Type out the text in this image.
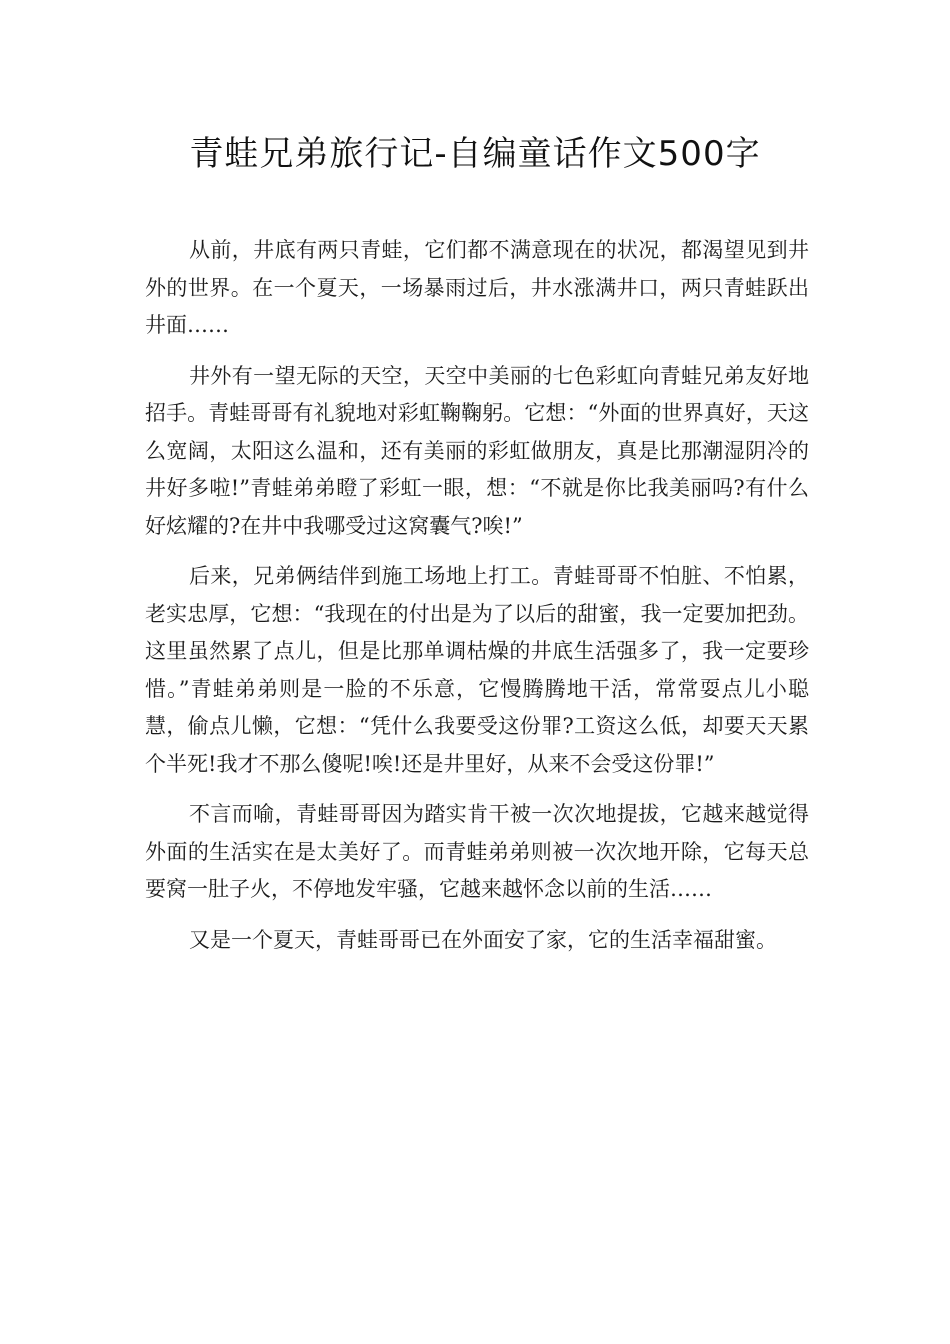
青蛙兄弟旅行记-自编童话作文500字

从前，井底有两只青蛙，它们都不满意现在的状况，都渴望见到井外的世界。在一个夏天，一场暴雨过后，井水涨满井口，两只青蛙跃出井面……

井外有一望无际的天空，天空中美丽的七色彩虹向青蛙兄弟友好地招手。青蛙哥哥有礼貌地对彩虹鞠鞠躬。它想：“外面的世界真好，天这么宽阔，太阳这么温和，还有美丽的彩虹做朋友，真是比那潮湿阴冷的井好多啦!”青蛙弟弟瞪了彩虹一眼，想：“不就是你比我美丽吗?有什么好炫耀的?在井中我哪受过这窝囊气?唉!”

后来，兄弟俩结伴到施工场地上打工。青蛙哥哥不怕脏、不怕累，老实忠厚，它想：“我现在的付出是为了以后的甜蜜，我一定要加把劲。这里虽然累了点儿，但是比那单调枯燥的井底生活强多了，我一定要珍惜。”青蛙弟弟则是一脸的不乐意，它慢腾腾地干活，常常耍点儿小聪慧，偷点儿懒，它想：“凭什么我要受这份罪?工资这么低，却要天天累个半死!我才不那么傻呢!唉!还是井里好，从来不会受这份罪!”

不言而喻，青蛙哥哥因为踏实肯干被一次次地提拔，它越来越觉得外面的生活实在是太美好了。而青蛙弟弟则被一次次地开除，它每天总要窝一肚子火，不停地发牢骚，它越来越怀念以前的生活……

又是一个夏天，青蛙哥哥已在外面安了家，它的生活幸福甜蜜。
